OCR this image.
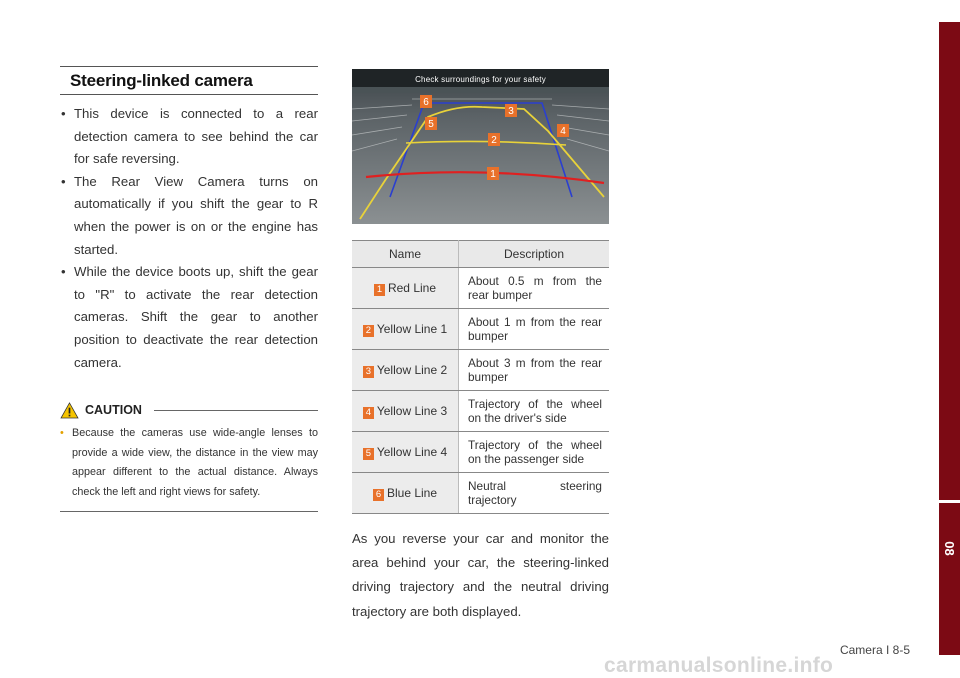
Steering-linked camera
• This device is connected to a rear detection camera to see behind the car for safe reversing.
• The Rear View Camera turns on automatically if you shift the gear to R when the power is on or the engine has started.
• While the device boots up, shift the gear to "R" to activate the rear detection cameras. Shift the gear to another position to deactivate the rear detection camera.
CAUTION
• Because the cameras use wide-angle lenses to provide a wide view, the distance in the view may appear different to the actual distance. Always check the left and right views for safety.
6
3
5
4
2
1
Check surroundings for your safety
Name	Description
1 Red Line	About 0.5 m from the rear bumper
2 Yellow Line 1	About 1 m from the rear bumper
3 Yellow Line 2	About 3 m from the rear bumper
4 Yellow Line 3	Trajectory of the wheel on the driver's side
5 Yellow Line 4	Trajectory of the wheel on the passenger side
6 Blue Line	Neutral steering trajectory

As you reverse your car and monitor the area behind your car, the steering-linked driving trajectory and the neutral driving trajectory are both displayed.

08
Camera I 8-5
carmanualsonline.info
